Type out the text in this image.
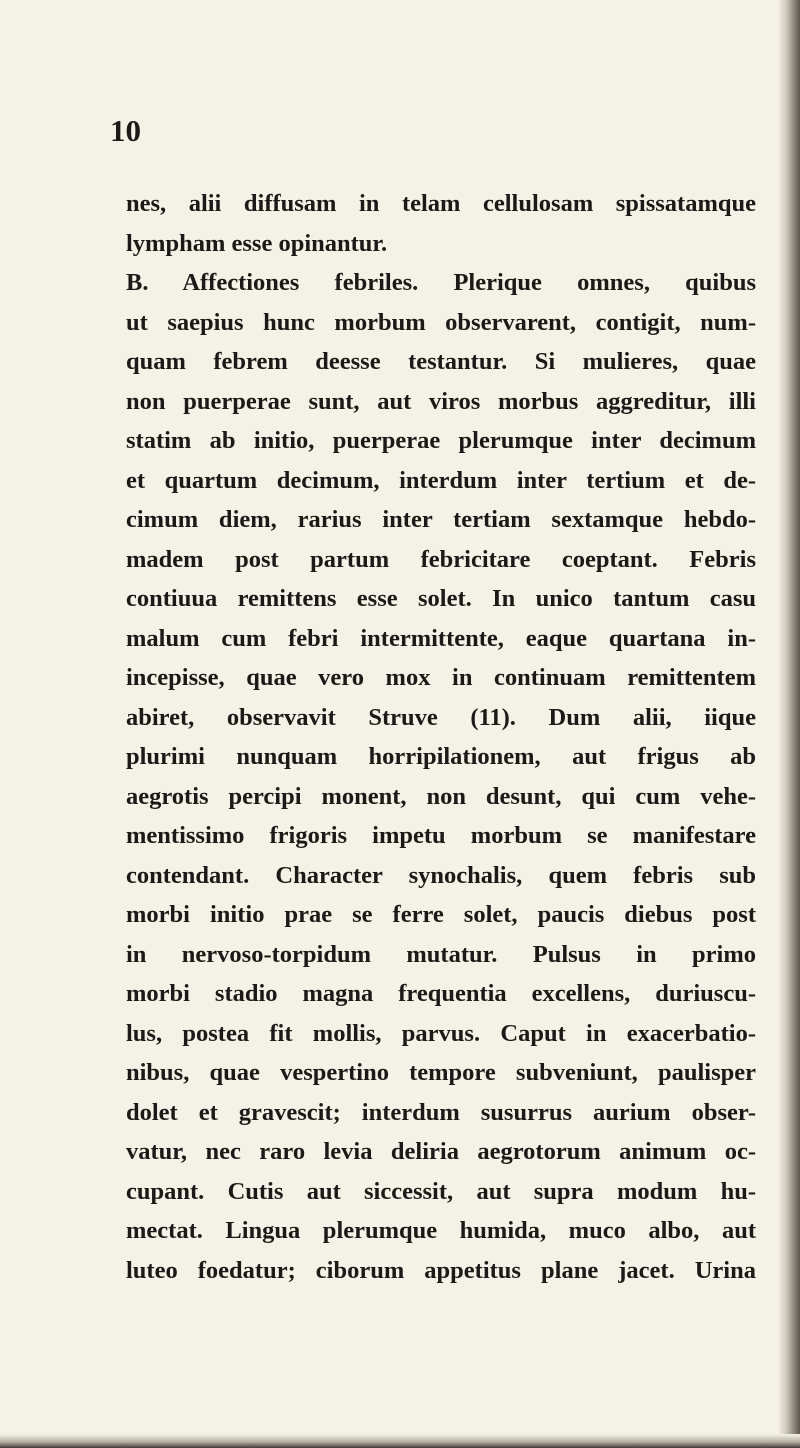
10
nes, alii diffusam in telam cellulosam spissatamque
lympham esse opinantur.
B. Affectiones febriles. Plerique omnes, quibus
ut saepius hunc morbum observarent, contigit, num-
quam febrem deesse testantur. Si mulieres, quae
non puerperae sunt, aut viros morbus aggreditur, illi
statim ab initio, puerperae plerumque inter decimum
et quartum decimum, interdum inter tertium et de-
cimum diem, rarius inter tertiam sextamque hebdo-
madem post partum febricitare coeptant. Febris
contiuua remittens esse solet. In unico tantum casu
malum cum febri intermittente, eaque quartana in-
incepisse, quae vero mox in continuam remittentem
abiret, observavit Struve (11). Dum alii, iique
plurimi nunquam horripilationem, aut frigus ab
aegrotis percipi monent, non desunt, qui cum vehe-
mentissimo frigoris impetu morbum se manifestare
contendant. Character synochalis, quem febris sub
morbi initio prae se ferre solet, paucis diebus post
in nervoso-torpidum mutatur. Pulsus in primo
morbi stadio magna frequentia excellens, duriuscu-
lus, postea fit mollis, parvus. Caput in exacerbatio-
nibus, quae vespertino tempore subveniunt, paulisper
dolet et gravescit; interdum susurrus aurium obser-
vatur, nec raro levia deliria aegrotorum animum oc-
cupant. Cutis aut siccessit, aut supra modum hu-
mectat. Lingua plerumque humida, muco albo, aut
luteo foedatur; ciborum appetitus plane jacet. Urina
